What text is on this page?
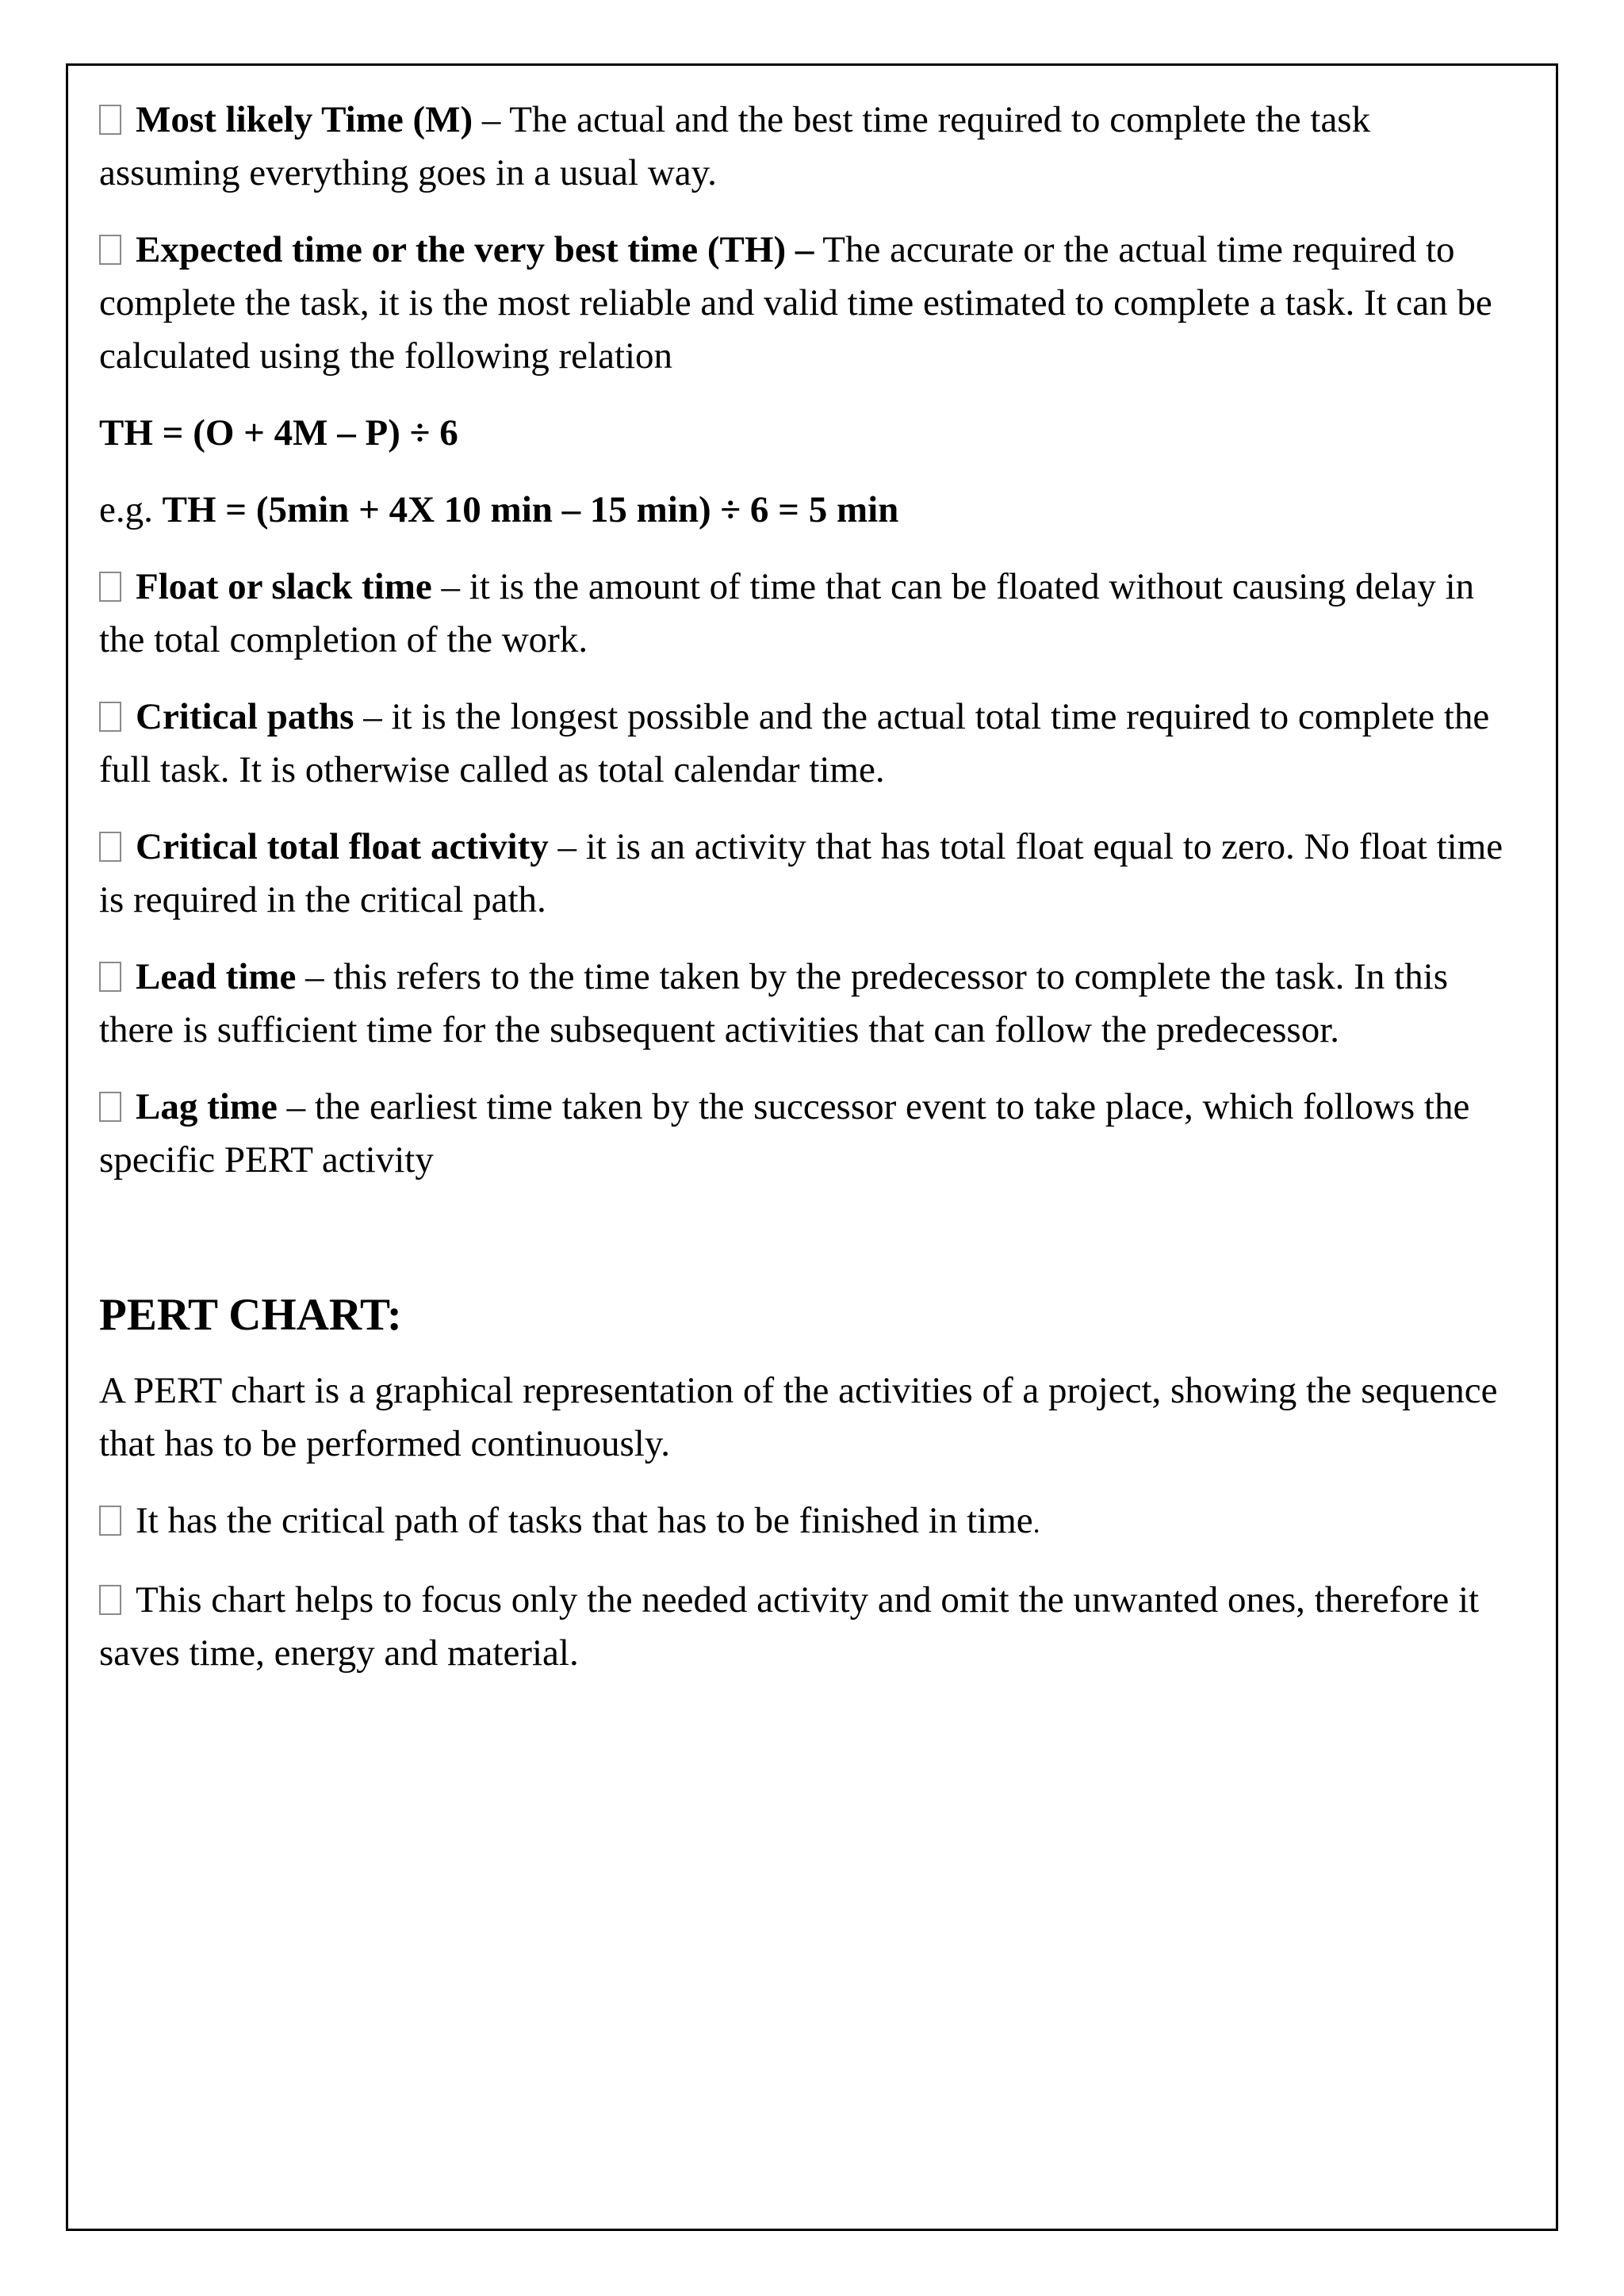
Most likely Time (M) – The actual and the best time required to complete the task assuming everything goes in a usual way.

Expected time or the very best time (TH) – The accurate or the actual time required to complete the task, it is the most reliable and valid time estimated to complete a task. It can be calculated using the following relation

TH = (O + 4M – P) ÷ 6

e.g. TH = (5min + 4X 10 min – 15 min) ÷ 6 = 5 min

Float or slack time – it is the amount of time that can be floated without causing delay in the total completion of the work.

Critical paths – it is the longest possible and the actual total time required to complete the full task. It is otherwise called as total calendar time.

Critical total float activity – it is an activity that has total float equal to zero. No float time is required in the critical path.

Lead time – this refers to the time taken by the predecessor to complete the task. In this there is sufficient time for the subsequent activities that can follow the predecessor.

Lag time – the earliest time taken by the successor event to take place, which follows the specific PERT activity

PERT CHART:

A PERT chart is a graphical representation of the activities of a project, showing the sequence that has to be performed continuously.

It has the critical path of tasks that has to be finished in time.

This chart helps to focus only the needed activity and omit the unwanted ones, therefore it saves time, energy and material.
